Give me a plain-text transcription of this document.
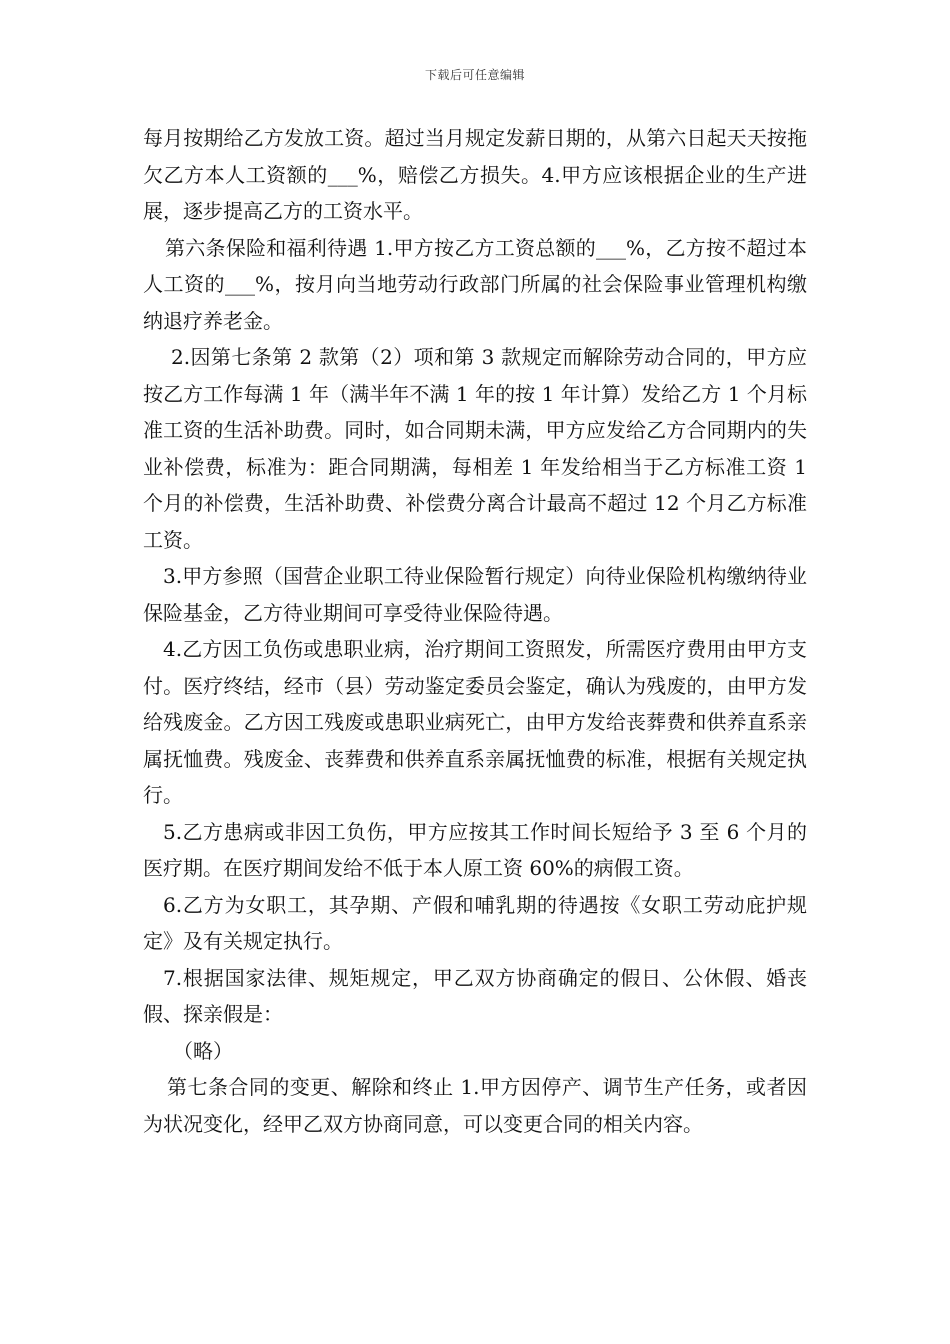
下载后可任意编辑

每月按期给乙方发放工资。超过当月规定发薪日期的，从第六日起天天按拖欠乙方本人工资额的___%，赔偿乙方损失。4.甲方应该根据企业的生产进展，逐步提高乙方的工资水平。

第六条保险和福利待遇 1.甲方按乙方工资总额的___%，乙方按不超过本人工资的___%，按月向当地劳动行政部门所属的社会保险事业管理机构缴纳退疗养老金。

2.因第七条第 2 款第（2）项和第 3 款规定而解除劳动合同的，甲方应按乙方工作每满 1 年（满半年不满 1 年的按 1 年计算）发给乙方 1 个月标准工资的生活补助费。同时，如合同期未满，甲方应发给乙方合同期内的失业补偿费，标准为：距合同期满，每相差 1 年发给相当于乙方标准工资 1 个月的补偿费，生活补助费、补偿费分离合计最高不超过 12 个月乙方标准工资。

3.甲方参照（国营企业职工待业保险暂行规定）向待业保险机构缴纳待业保险基金，乙方待业期间可享受待业保险待遇。

4.乙方因工负伤或患职业病，治疗期间工资照发，所需医疗费用由甲方支付。医疗终结，经市（县）劳动鉴定委员会鉴定，确认为残废的，由甲方发给残废金。乙方因工残废或患职业病死亡，由甲方发给丧葬费和供养直系亲属抚恤费。残废金、丧葬费和供养直系亲属抚恤费的标准，根据有关规定执行。

5.乙方患病或非因工负伤，甲方应按其工作时间长短给予 3 至 6 个月的医疗期。在医疗期间发给不低于本人原工资 60%的病假工资。

6.乙方为女职工，其孕期、产假和哺乳期的待遇按《女职工劳动庇护规定》及有关规定执行。

7.根据国家法律、规矩规定，甲乙双方协商确定的假日、公休假、婚丧假、探亲假是：

（略）

第七条合同的变更、解除和终止 1.甲方因停产、调节生产任务，或者因为状况变化，经甲乙双方协商同意，可以变更合同的相关内容。
